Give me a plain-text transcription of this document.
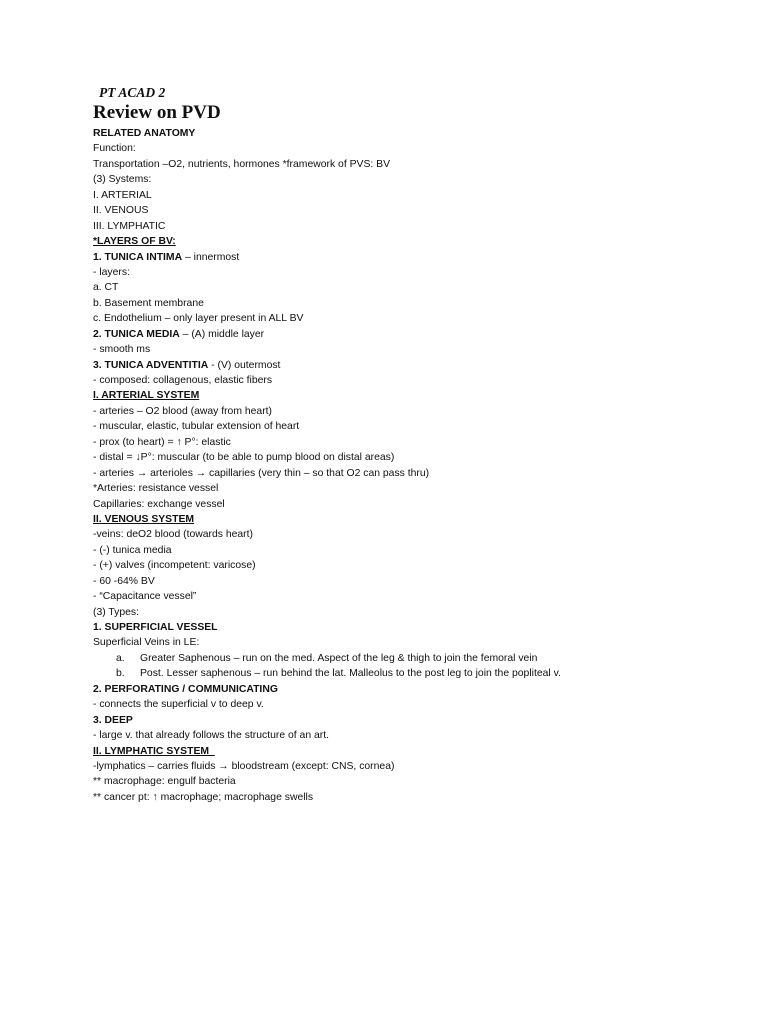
PT ACAD 2
Review on PVD
RELATED ANATOMY
Function:
Transportation –O2, nutrients, hormones *framework of PVS: BV
(3) Systems:
I. ARTERIAL
II. VENOUS
III. LYMPHATIC
*LAYERS OF BV:
1. TUNICA INTIMA – innermost
- layers:
a. CT
b. Basement membrane
c. Endothelium – only layer present in ALL BV
2. TUNICA MEDIA – (A) middle layer
- smooth ms
3. TUNICA ADVENTITIA - (V) outermost
- composed: collagenous, elastic fibers
I. ARTERIAL SYSTEM
- arteries – O2 blood (away from heart)
- muscular, elastic, tubular extension of heart
- prox (to heart) = ↑ P°: elastic
- distal = ↓P°: muscular (to be able to pump blood on distal areas)
- arteries → arterioles → capillaries (very thin – so that O2 can pass thru)
*Arteries: resistance vessel
Capillaries: exchange vessel
II. VENOUS SYSTEM
-veins: deO2 blood (towards heart)
- (-) tunica media
- (+) valves (incompetent: varicose)
- 60 -64% BV
- “Capacitance vessel”
(3) Types:
1. SUPERFICIAL VESSEL
Superficial Veins in LE:
a. Greater Saphenous – run on the med. Aspect of the leg & thigh to join the femoral vein
b. Post. Lesser saphenous – run behind the lat. Malleolus to the post leg to join the popliteal v.
2. PERFORATING / COMMUNICATING
- connects the superficial v to deep v.
3. DEEP
- large v. that already follows the structure of an art.
II. LYMPHATIC SYSTEM
-lymphatics – carries fluids → bloodstream (except: CNS, cornea)
** macrophage: engulf bacteria
** cancer pt: ↑ macrophage; macrophage swells
